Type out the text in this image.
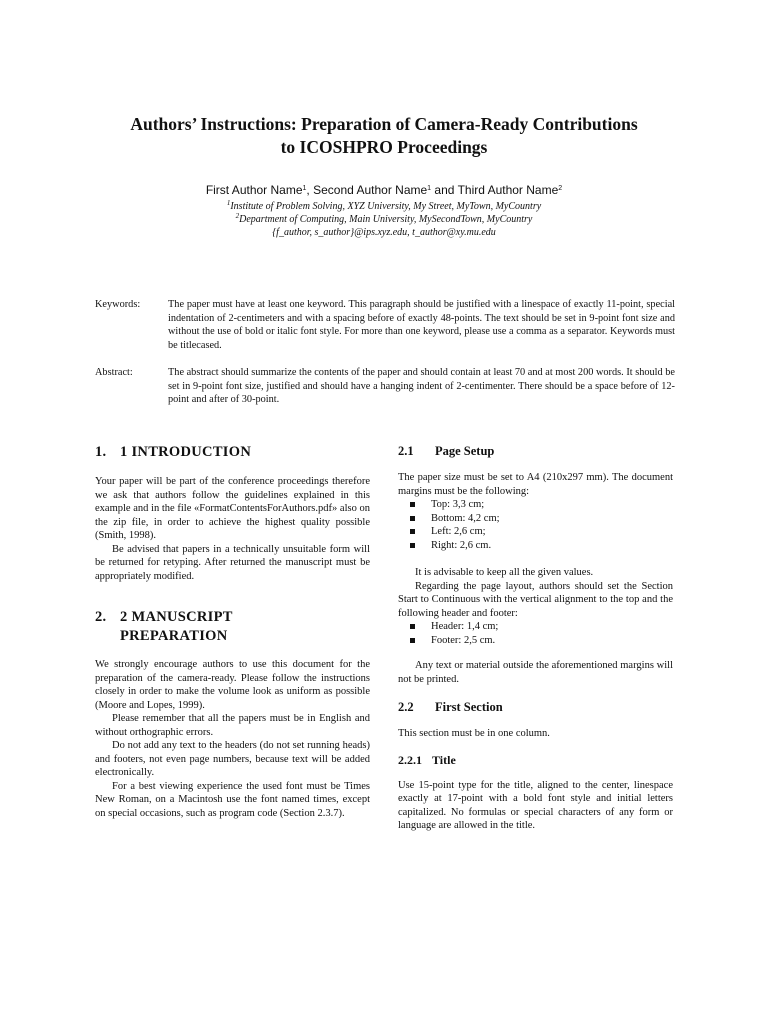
Authors’ Instructions: Preparation of Camera-Ready Contributions
to ICOSHPRO Proceedings
First Author Name$^1$, Second Author Name$^1$ and Third Author Name$^2$
$^1$Institute of Problem Solving, XYZ University, My Street, MyTown, MyCountry
$^2$Department of Computing, Main University, MySecondTown, MyCountry
{f_author, s_author}@ips.xyz.edu, t_author@xy.mu.edu
Keywords:	The paper must have at least one keyword. This paragraph should be justified with a linespace of exactly 11-point, special indentation of 2-centimeters and with a spacing before of exactly 48-points. The text should be set in 9-point font size and without the use of bold or italic font style. For more than one keyword, please use a comma as a separator. Keywords must be titlecased.
Abstract:	The abstract should summarize the contents of the paper and should contain at least 70 and at most 200 words. It should be set in 9-point font size, justified and should have a hanging indent of 2-centimenter. There should be a space before of 12-point and after of 30-point.
1. 1 INTRODUCTION

Your paper will be part of the conference proceedings therefore we ask that authors follow the guidelines explained in this example and in the file «FormatContentsForAuthors.pdf» also on the zip file, in order to achieve the highest quality possible (Smith, 1998).

Be advised that papers in a technically unsuitable form will be returned for retyping. After returned the manuscript must be appropriately modified.

2. 2 MANUSCRIPT
PREPARATION

We strongly encourage authors to use this document for the preparation of the camera-ready. Please follow the instructions closely in order to make the volume look as uniform as possible (Moore and Lopes, 1999).

Please remember that all the papers must be in English and without orthographic errors.

Do not add any text to the headers (do not set running heads) and footers, not even page numbers, because text will be added electronically.

For a best viewing experience the used font must be Times New Roman, on a Macintosh use the font named times, except on special occasions, such as program code (Section 2.3.7).

2.1	Page Setup

The paper size must be set to A4 (210x297 mm). The document margins must be the following:

Top: 3,3 cm;
Bottom: 4,2 cm;
Left: 2,6 cm;
Right: 2,6 cm.

It is advisable to keep all the given values.

Regarding the page layout, authors should set the Section Start to Continuous with the vertical alignment to the top and the following header and footer:

Header: 1,4 cm;
Footer: 2,5 cm.

Any text or material outside the aforementioned margins will not be printed.

2.2	First Section

This section must be in one column.

2.2.1 Title

Use 15-point type for the title, aligned to the center, linespace exactly at 17-point with a bold font style and initial letters capitalized. No formulas or special characters of any form or language are allowed in the title.
